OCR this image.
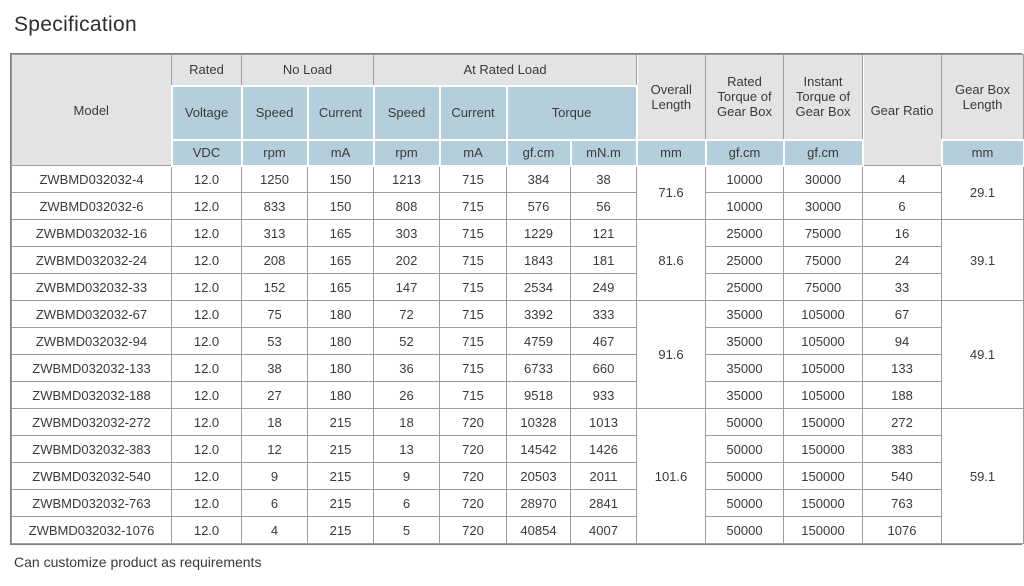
Specification
Model	Rated	No Load		At Rated Load				Overall Length	Rated Torque of Gear Box	Instant Torque of Gear Box	Gear Ratio	Gear Box Length
	Voltage	Speed	Current	Speed	Current	Torque						
	VDC	rpm	mA	rpm	mA	gf.cm	mN.m	mm	gf.cm	gf.cm		mm
ZWBMD032032-4	12.0	1250	150	1213	715	384	38	71.6	10000	30000	4	29.1
ZWBMD032032-6	12.0	833	150	808	715	576	56		10000	30000	6	
ZWBMD032032-16	12.0	313	165	303	715	1229	121	81.6	25000	75000	16	39.1
ZWBMD032032-24	12.0	208	165	202	715	1843	181		25000	75000	24	
ZWBMD032032-33	12.0	152	165	147	715	2534	249		25000	75000	33	
ZWBMD032032-67	12.0	75	180	72	715	3392	333	91.6	35000	105000	67	49.1
ZWBMD032032-94	12.0	53	180	52	715	4759	467		35000	105000	94	
ZWBMD032032-133	12.0	38	180	36	715	6733	660		35000	105000	133	
ZWBMD032032-188	12.0	27	180	26	715	9518	933		35000	105000	188	
ZWBMD032032-272	12.0	18	215	18	720	10328	1013	101.6	50000	150000	272	59.1
ZWBMD032032-383	12.0	12	215	13	720	14542	1426		50000	150000	383	
ZWBMD032032-540	12.0	9	215	9	720	20503	2011		50000	150000	540	
ZWBMD032032-763	12.0	6	215	6	720	28970	2841		50000	150000	763	
ZWBMD032032-1076	12.0	4	215	5	720	40854	4007		50000	150000	1076	

Can customize product as requirements
